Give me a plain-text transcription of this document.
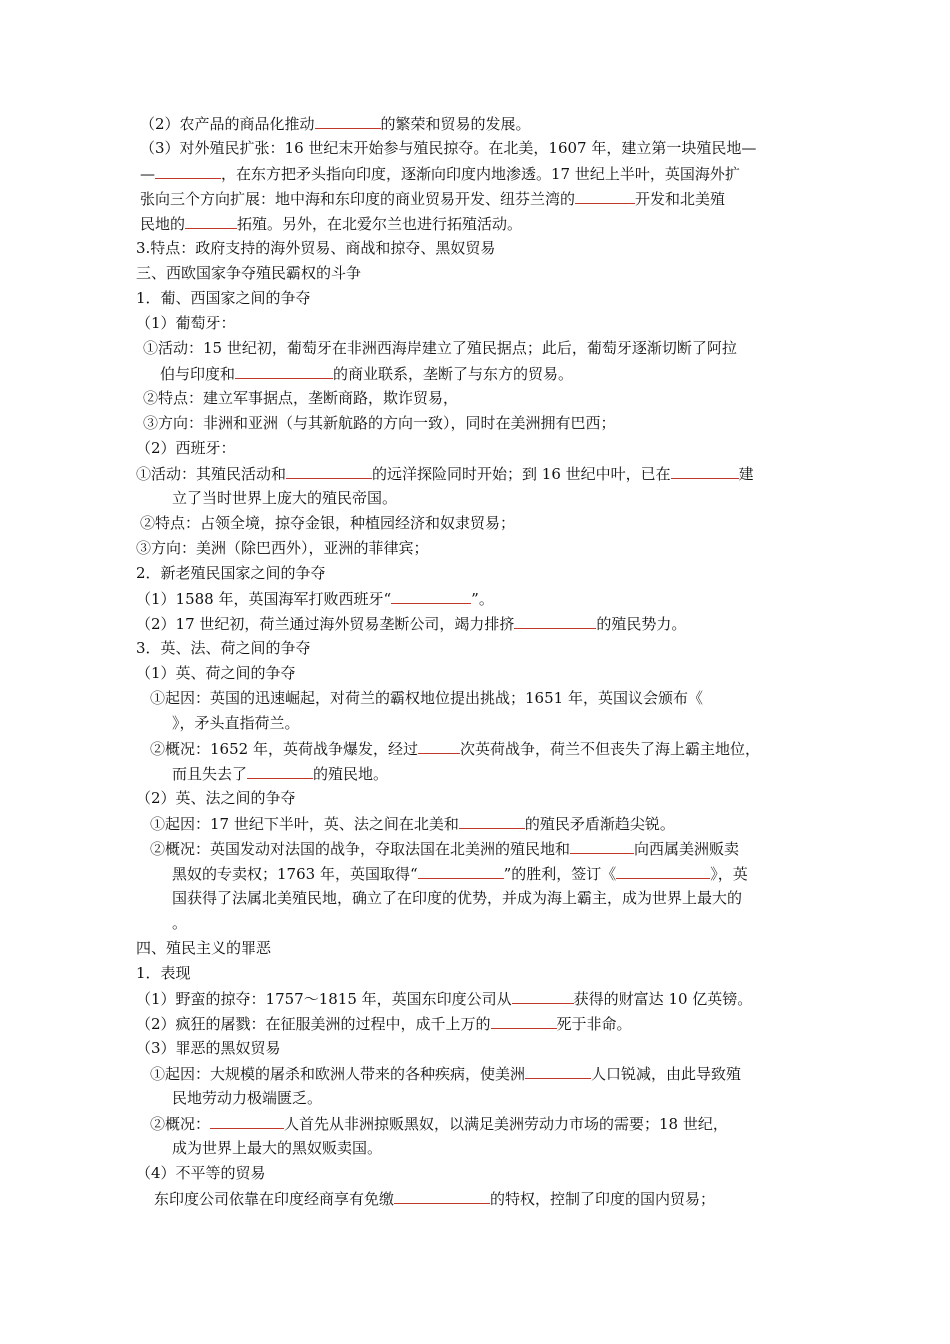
（2）农产品的商品化推动	的繁荣和贸易的发展。
（3）对外殖民扩张：16 世纪末开始参与殖民掠夺。在北美，1607 年，建立第一块殖民地—
—	，在东方把矛头指向印度，逐渐向印度内地渗透。17 世纪上半叶，英国海外扩
张向三个方向扩展：地中海和东印度的商业贸易开发、纽芬兰湾的	开发和北美殖
民地的	拓殖。另外，在北爱尔兰也进行拓殖活动。
3.特点：政府支持的海外贸易、商战和掠夺、黑奴贸易
三、西欧国家争夺殖民霸权的斗争
1．葡、西国家之间的争夺
（1）葡萄牙：
①活动：15 世纪初，葡萄牙在非洲西海岸建立了殖民据点；此后，葡萄牙逐渐切断了阿拉
伯与印度和	的商业联系，垄断了与东方的贸易。
②特点：建立军事据点，垄断商路，欺诈贸易，
③方向：非洲和亚洲（与其新航路的方向一致），同时在美洲拥有巴西；
（2）西班牙：
①活动：其殖民活动和	的远洋探险同时开始；到 16 世纪中叶，已在	建
立了当时世界上庞大的殖民帝国。
②特点：占领全境，掠夺金银，种植园经济和奴隶贸易；
③方向：美洲（除巴西外），亚洲的菲律宾；
2．新老殖民国家之间的争夺
（1）1588 年，英国海军打败西班牙“	”。
（2）17 世纪初，荷兰通过海外贸易垄断公司，竭力排挤	的殖民势力。
3．英、法、荷之间的争夺
（1）英、荷之间的争夺
①起因：英国的迅速崛起，对荷兰的霸权地位提出挑战；1651 年，英国议会颁布《
》，矛头直指荷兰。
②概况：1652 年，英荷战争爆发，经过	次英荷战争，荷兰不但丧失了海上霸主地位，
而且失去了	的殖民地。
（2）英、法之间的争夺
①起因：17 世纪下半叶，英、法之间在北美和	的殖民矛盾渐趋尖锐。
②概况：英国发动对法国的战争，夺取法国在北美洲的殖民地和	向西属美洲贩卖
黑奴的专卖权；1763 年，英国取得“	”的胜利，签订《	》，英
国获得了法属北美殖民地，确立了在印度的优势，并成为海上霸主，成为世界上最大的
。
四、殖民主义的罪恶
1．表现
（1）野蛮的掠夺：1757～1815 年，英国东印度公司从	获得的财富达 10 亿英镑。
（2）疯狂的屠戮：在征服美洲的过程中，成千上万的	死于非命。
（3）罪恶的黑奴贸易
①起因：大规模的屠杀和欧洲人带来的各种疾病，使美洲	人口锐减，由此导致殖
民地劳动力极端匮乏。
②概况：	人首先从非洲掠贩黑奴，以满足美洲劳动力市场的需要；18 世纪，
成为世界上最大的黑奴贩卖国。
（4）不平等的贸易
东印度公司依靠在印度经商享有免缴	的特权，控制了印度的国内贸易；
